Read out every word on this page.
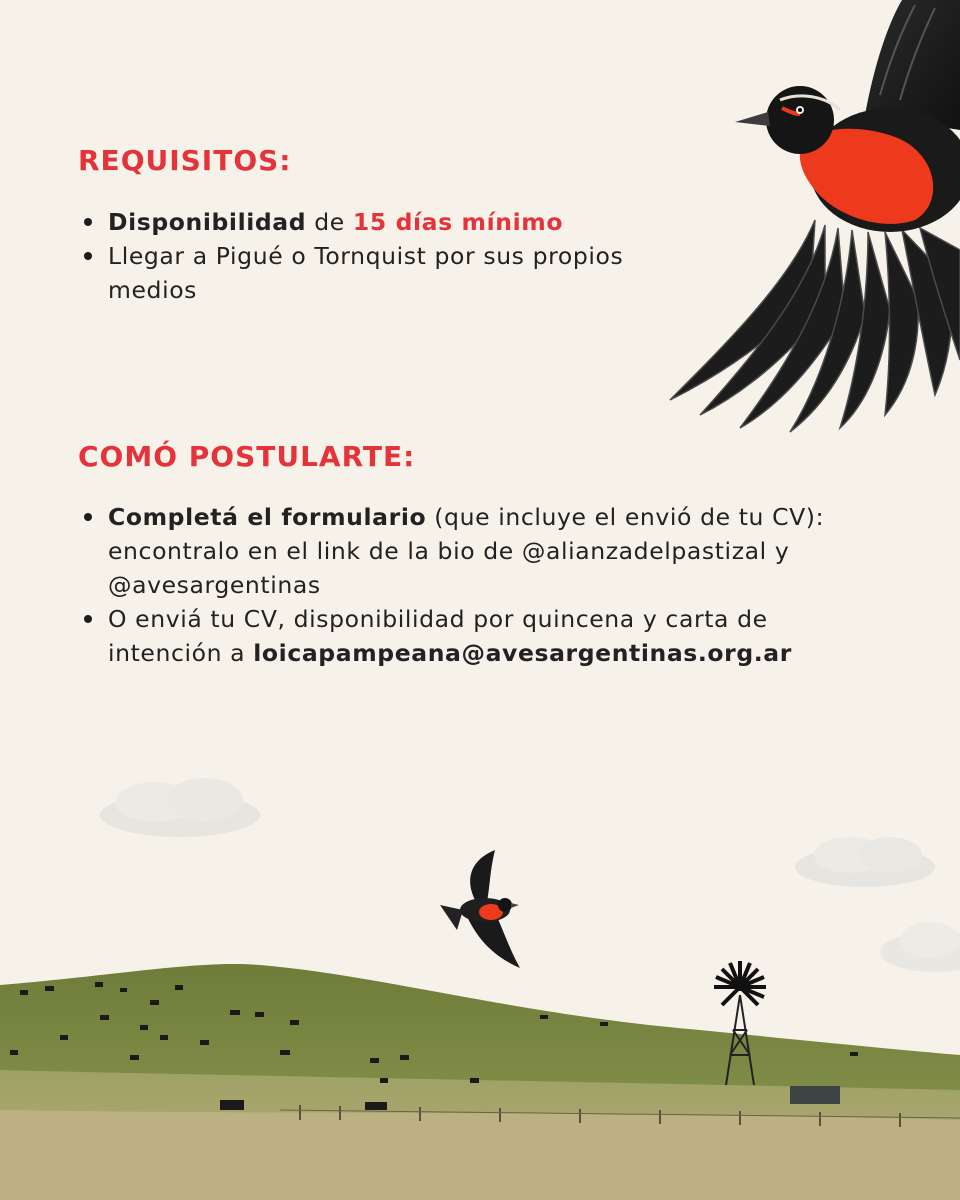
REQUISITOS:
Disponibilidad de 15 días mínimo
Llegar a Pigué o Tornquist por sus propios medios
COMÓ POSTULARTE:
Completá el formulario (que incluye el envió de tu CV): encontralo en el link de la bio de @alianzadelpastizal y @avesargentinas
O enviá tu CV, disponibilidad por quincena y carta de intención a loicapampeana@avesargentinas.org.ar
